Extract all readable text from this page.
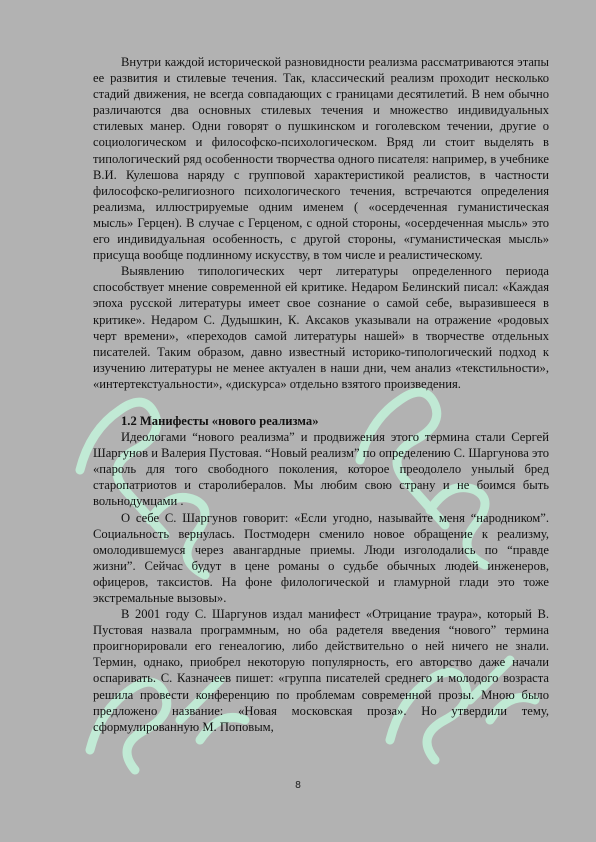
Внутри каждой исторической разновидности реализма рассматриваются этапы ее развития и стилевые течения. Так, классический реализм проходит несколько стадий движения, не всегда совпадающих с границами десятилетий. В нем обычно различаются два основных стилевых течения и множество индивидуальных стилевых манер. Одни говорят о пушкинском и гоголевском течении, другие о социологическом и философско-психологическом. Вряд ли стоит выделять в типологический ряд особенности творчества одного писателя: например, в учебнике В.И. Кулешова наряду с групповой характеристикой реалистов, в частности философско-религиозного психологического течения, встречаются определения реализма, иллюстрируемые одним именем ( «осердеченная гуманистическая мысль» Герцен). В случае с Герценом, с одной стороны, «осердеченная мысль» это его индивидуальная особенность, с другой стороны, «гуманистическая мысль» присуща вообще подлинному искусству, в том числе и реалистическому.

Выявлению типологических черт литературы определенного периода способствует мнение современной ей критике. Недаром Белинский писал: «Каждая эпоха русской литературы имеет свое сознание о самой себе, выразившееся в критике». Недаром С. Дудышкин, К. Аксаков указывали на отражение «родовых черт времени», «переходов самой литературы нашей» в творчестве отдельных писателей. Таким образом, давно известный историко-типологический подход к изучению литературы не менее актуален в наши дни, чем анализ «текстильности», «интертекстуальности», «дискурса» отдельно взятого произведения.

1.2 Манифесты «нового реализма»

Идеологами “нового реализма” и продвижения этого термина стали Сергей Шаргунов и Валерия Пустовая. “Новый реализм” по определению С. Шаргунова это «пароль для того свободного поколения, которое преодолело унылый бред старопатриотов и старолибералов. Мы любим свою страну и не боимся быть вольнодумцами .

О себе С. Шаргунов говорит: «Если угодно, называйте меня “народником”. Социальность вернулась. Постмодерн сменило новое обращение к реализму, омолодившемуся через авангардные приемы. Люди изголодались по “правде жизни”. Сейчас будут в цене романы о судьбе обычных людей инженеров, офицеров, таксистов. На фоне филологической и гламурной глади это тоже экстремальные вызовы».

В 2001 году С. Шаргунов издал манифест «Отрицание траура», который В. Пустовая назвала программным, но оба радетеля введения “нового” термина проигнорировали его генеалогию, либо действительно о ней ничего не знали. Термин, однако, приобрел некоторую популярность, его авторство даже начали оспаривать. С. Казначеев пишет: «группа писателей среднего и молодого возраста решила провести конференцию по проблемам современной прозы. Мною было предложено название: «Новая московская проза». Но утвердили тему, сформулированную М. Поповым,

8
